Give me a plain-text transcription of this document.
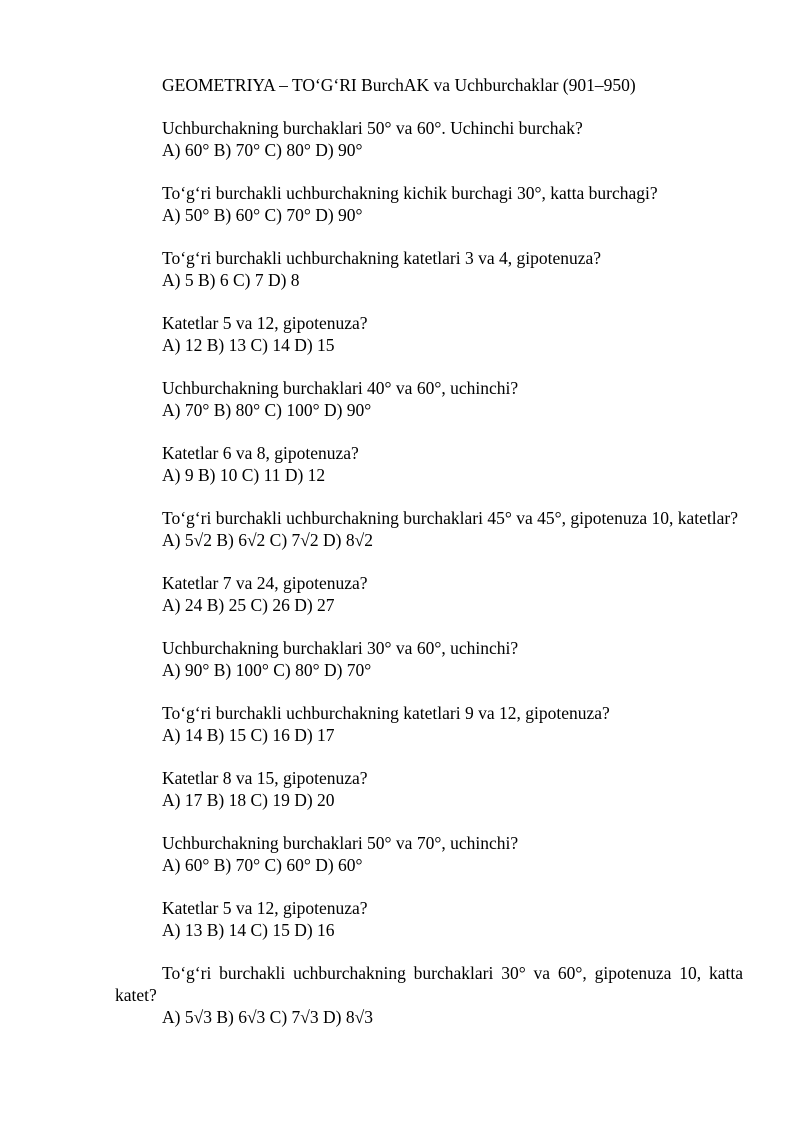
GEOMETRIYA – TO‘G‘RI BurchAK va Uchburchaklar (901–950)
Uchburchakning burchaklari 50° va 60°. Uchinchi burchak?
A) 60° B) 70° C) 80° D) 90°
To‘g‘ri burchakli uchburchakning kichik burchagi 30°, katta burchagi?
A) 50° B) 60° C) 70° D) 90°
To‘g‘ri burchakli uchburchakning katetlari 3 va 4, gipotenuza?
A) 5 B) 6 C) 7 D) 8
Katetlar 5 va 12, gipotenuza?
A) 12 B) 13 C) 14 D) 15
Uchburchakning burchaklari 40° va 60°, uchinchi?
A) 70° B) 80° C) 100° D) 90°
Katetlar 6 va 8, gipotenuza?
A) 9 B) 10 C) 11 D) 12
To‘g‘ri burchakli uchburchakning burchaklari 45° va 45°, gipotenuza 10, katetlar?
A) 5√2 B) 6√2 C) 7√2 D) 8√2
Katetlar 7 va 24, gipotenuza?
A) 24 B) 25 C) 26 D) 27
Uchburchakning burchaklari 30° va 60°, uchinchi?
A) 90° B) 100° C) 80° D) 70°
To‘g‘ri burchakli uchburchakning katetlari 9 va 12, gipotenuza?
A) 14 B) 15 C) 16 D) 17
Katetlar 8 va 15, gipotenuza?
A) 17 B) 18 C) 19 D) 20
Uchburchakning burchaklari 50° va 70°, uchinchi?
A) 60° B) 70° C) 60° D) 60°
Katetlar 5 va 12, gipotenuza?
A) 13 B) 14 C) 15 D) 16
To‘g‘ri burchakli uchburchakning burchaklari 30° va 60°, gipotenuza 10, katta katet?
A) 5√3 B) 6√3 C) 7√3 D) 8√3
